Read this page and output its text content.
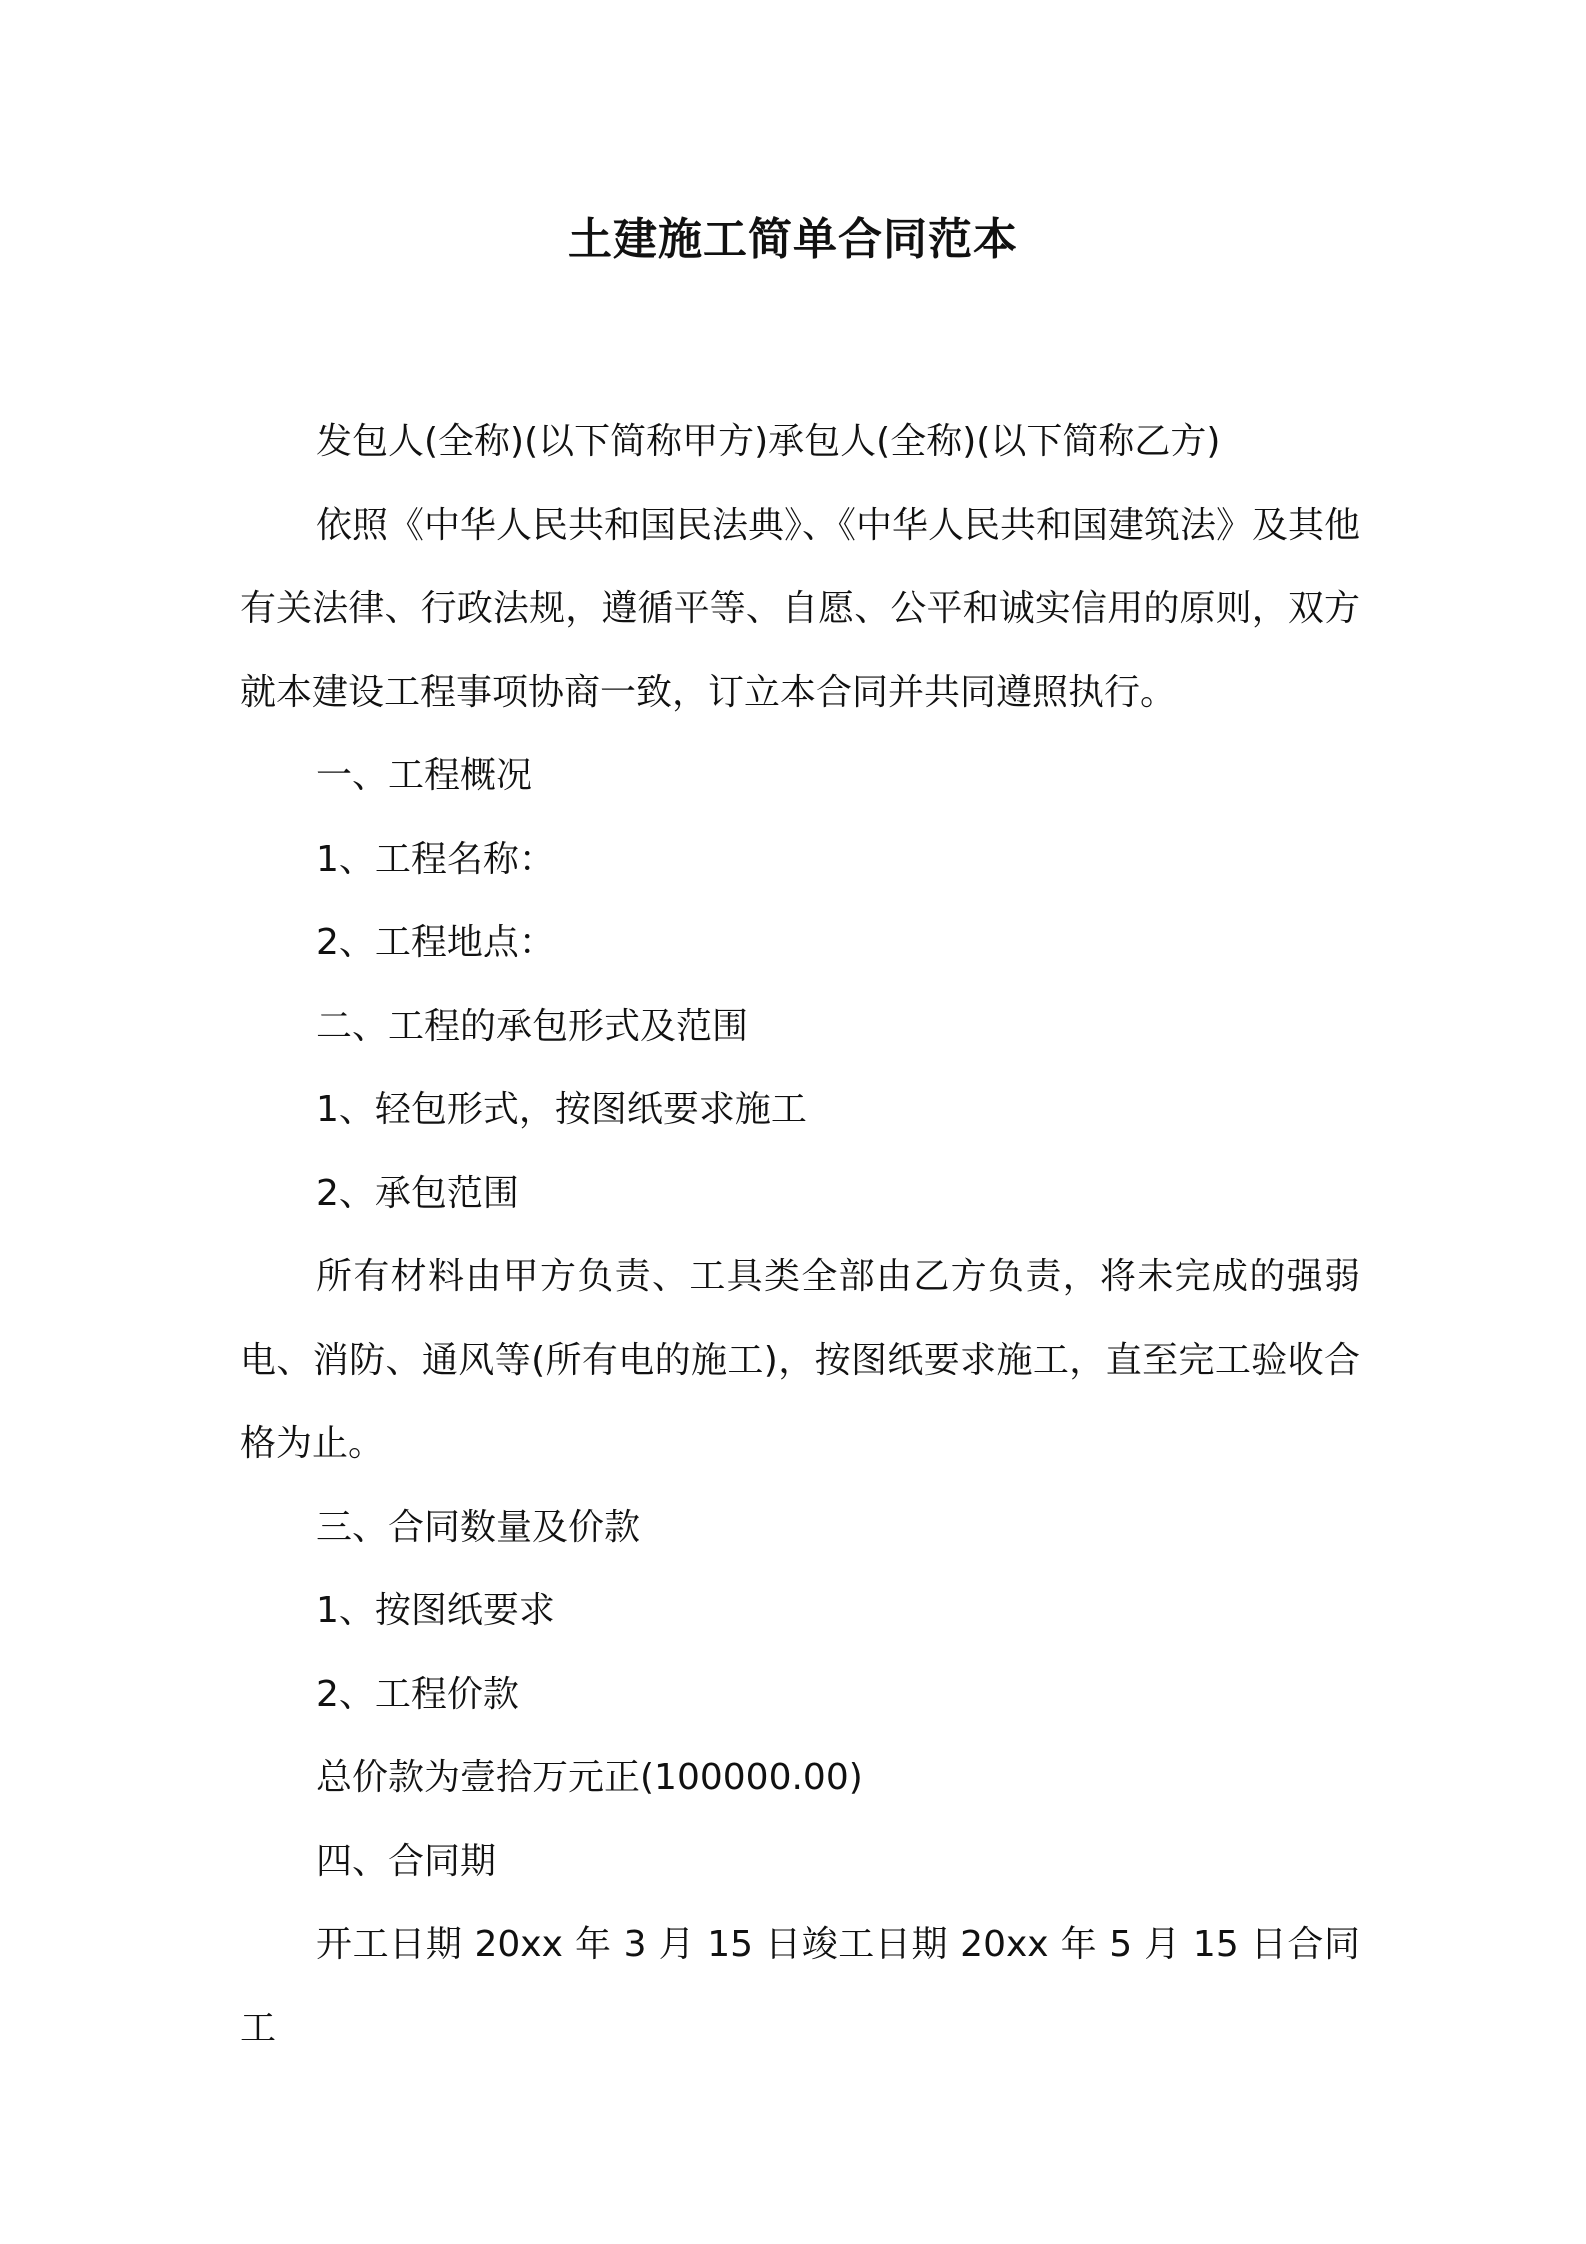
土建施工简单合同范本

发包人(全称)(以下简称甲方)承包人(全称)(以下简称乙方)

依照《中华人民共和国民法典》、《中华人民共和国建筑法》及其他有关法律、行政法规，遵循平等、自愿、公平和诚实信用的原则，双方就本建设工程事项协商一致，订立本合同并共同遵照执行。

一、工程概况

1、工程名称：

2、工程地点：

二、工程的承包形式及范围

1、轻包形式，按图纸要求施工

2、承包范围

所有材料由甲方负责、工具类全部由乙方负责，将未完成的强弱电、消防、通风等(所有电的施工)，按图纸要求施工，直至完工验收合格为止。

三、合同数量及价款

1、按图纸要求

2、工程价款

总价款为壹拾万元正(100000.00)

四、合同期

开工日期 20xx 年 3 月 15 日竣工日期 20xx 年 5 月 15 日合同工
